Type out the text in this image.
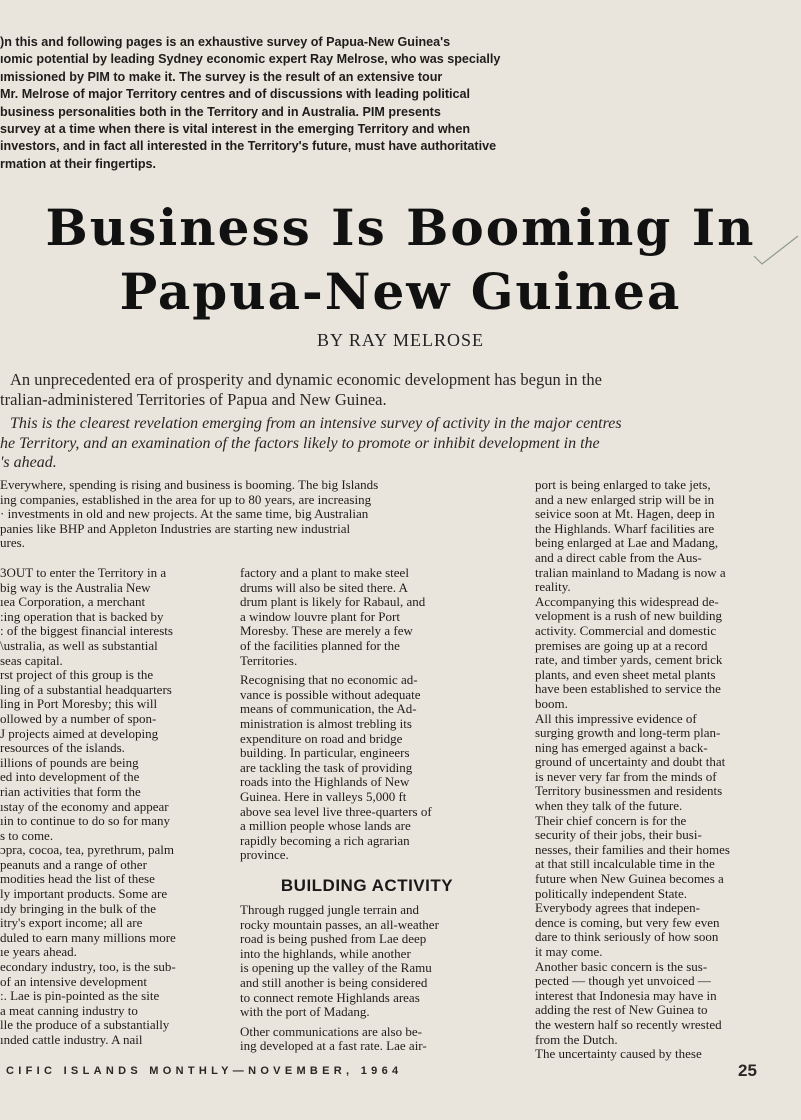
)n this and following pages is an exhaustive survey of Papua-New Guinea's
ıomic potential by leading Sydney economic expert Ray Melrose, who was specially
ımissioned by PIM to make it. The survey is the result of an extensive tour
Mr. Melrose of major Territory centres and of discussions with leading political
business personalities both in the Territory and in Australia. PIM presents
survey at a time when there is vital interest in the emerging Territory and when
investors, and in fact all interested in the Territory's future, must have authoritative
rmation at their fingertips.
Business Is Booming In
Papua-New Guinea
BY RAY MELROSE
An unprecedented era of prosperity and dynamic economic development has begun in the
tralian-administered Territories of Papua and New Guinea.
This is the clearest revelation emerging from an intensive survey of activity in the major centres
he Territory, and an examination of the factors likely to promote or inhibit development in the
's ahead.
Everywhere, spending is rising and business is booming. The big Islands
ing companies, established in the area for up to 80 years, are increasing
· investments in old and new projects. At the same time, big Australian
panies like BHP and Appleton Industries are starting new industrial
ures.
3OUT to enter the Territory in a
big way is the Australia New
ıea Corporation, a merchant
:ing operation that is backed by
: of the biggest financial interests
\ustralia, as well as substantial
seas capital.
rst project of this group is the
ling of a substantial headquarters
ling in Port Moresby; this will
ollowed by a number of spon-
J projects aimed at developing
resources of the islands.
illions of pounds are being
ed into development of the
rian activities that form the
ıstay of the economy and appear
ıin to continue to do so for many
s to come.
ɔpra, cocoa, tea, pyrethrum, palm
peanuts and a range of other
modities head the list of these
ly important products. Some are
ıdy bringing in the bulk of the
itry's export income; all are
duled to earn many millions more
ıe years ahead.
econdary industry, too, is the sub-
of an intensive development
:. Lae is pin-pointed as the site
a meat canning industry to
lle the produce of a substantially
ınded cattle industry. A nail
factory and a plant to make steel
drums will also be sited there. A
drum plant is likely for Rabaul, and
a window louvre plant for Port
Moresby. These are merely a few
of the facilities planned for the
Territories.
Recognising that no economic ad-
vance is possible without adequate
means of communication, the Ad-
ministration is almost trebling its
expenditure on road and bridge
building. In particular, engineers
are tackling the task of providing
roads into the Highlands of New
Guinea. Here in valleys 5,000 ft
above sea level live three-quarters of
a million people whose lands are
rapidly becoming a rich agrarian
province.
BUILDING ACTIVITY
Through rugged jungle terrain and
rocky mountain passes, an all-weather
road is being pushed from Lae deep
into the highlands, while another
is opening up the valley of the Ramu
and still another is being considered
to connect remote Highlands areas
with the port of Madang.
Other communications are also be-
ing developed at a fast rate. Lae air-
port is being enlarged to take jets,
and a new enlarged strip will be in
seivice soon at Mt. Hagen, deep in
the Highlands. Wharf facilities are
being enlarged at Lae and Madang,
and a direct cable from the Aus-
tralian mainland to Madang is now a
reality.
Accompanying this widespread de-
velopment is a rush of new building
activity. Commercial and domestic
premises are going up at a record
rate, and timber yards, cement brick
plants, and even sheet metal plants
have been established to service the
boom.
All this impressive evidence of
surging growth and long-term plan-
ning has emerged against a back-
ground of uncertainty and doubt that
is never very far from the minds of
Territory businessmen and residents
when they talk of the future.
Their chief concern is for the
security of their jobs, their busi-
nesses, their families and their homes
at that still incalculable time in the
future when New Guinea becomes a
politically independent State.
Everybody agrees that indepen-
dence is coming, but very few even
dare to think seriously of how soon
it may come.
Another basic concern is the sus-
pected — though yet unvoiced —
interest that Indonesia may have in
adding the rest of New Guinea to
the western half so recently wrested
from the Dutch.
The uncertainty caused by these
CIFIC ISLANDS MONTHLY—NOVEMBER, 1964	25
